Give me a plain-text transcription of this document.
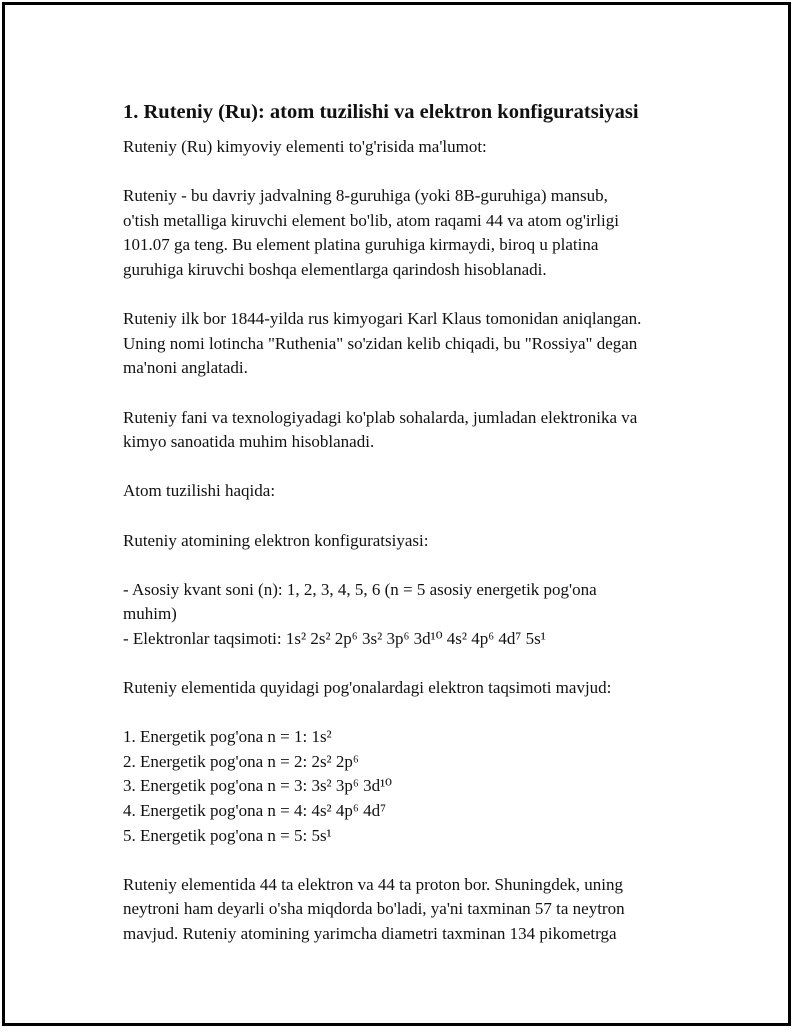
1. Ruteniy (Ru): atom tuzilishi va elektron konfiguratsiyasi
Ruteniy (Ru) kimyoviy elementi to'g'risida ma'lumot:
Ruteniy - bu davriy jadvalning 8-guruhiga (yoki 8B-guruhiga) mansub,
o'tish metalliga kiruvchi element bo'lib, atom raqami 44 va atom og'irligi
101.07 ga teng. Bu element platina guruhiga kirmaydi, biroq u platina
guruhiga kiruvchi boshqa elementlarga qarindosh hisoblanadi.
Ruteniy ilk bor 1844-yilda rus kimyogari Karl Klaus tomonidan aniqlangan.
Uning nomi lotincha "Ruthenia" so'zidan kelib chiqadi, bu "Rossiya" degan
ma'noni anglatadi.
Ruteniy fani va texnologiyadagi ko'plab sohalarda, jumladan elektronika va
kimyo sanoatida muhim hisoblanadi.
Atom tuzilishi haqida:
Ruteniy atomining elektron konfiguratsiyasi:
- Asosiy kvant soni (n): 1, 2, 3, 4, 5, 6 (n = 5 asosiy energetik pog'ona
muhim)
- Elektronlar taqsimoti: 1s² 2s² 2p⁶ 3s² 3p⁶ 3d¹⁰ 4s² 4p⁶ 4d⁷ 5s¹
Ruteniy elementida quyidagi pog'onalardagi elektron taqsimoti mavjud:
1. Energetik pog'ona n = 1: 1s²
2. Energetik pog'ona n = 2: 2s² 2p⁶
3. Energetik pog'ona n = 3: 3s² 3p⁶ 3d¹⁰
4. Energetik pog'ona n = 4: 4s² 4p⁶ 4d⁷
5. Energetik pog'ona n = 5: 5s¹
Ruteniy elementida 44 ta elektron va 44 ta proton bor. Shuningdek, uning
neytroni ham deyarli o'sha miqdorda bo'ladi, ya'ni taxminan 57 ta neytron
mavjud. Ruteniy atomining yarimcha diametri taxminan 134 pikometrga
